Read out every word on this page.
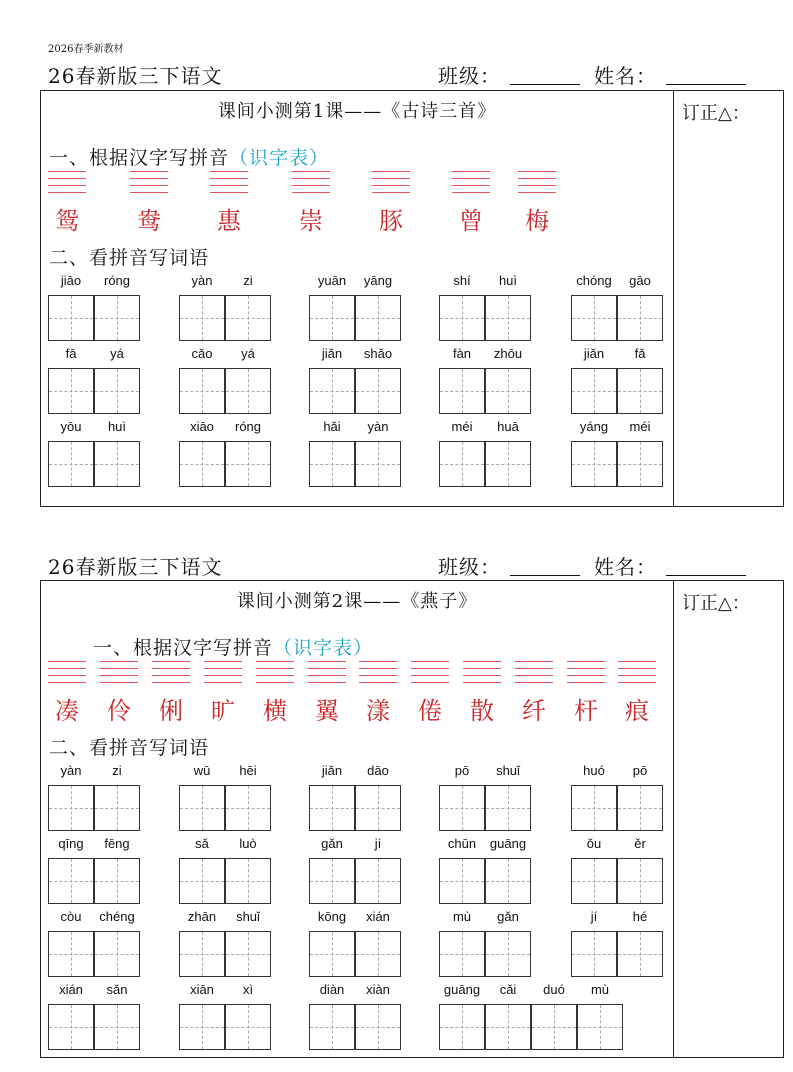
2026春季新教材
26春新版三下语文	班级：	姓名：
订正△：
课间小测第1课——《古诗三首》
一、根据汉字写拼音（识字表）
鸳	鸯	惠	崇	豚	曾	梅
二、看拼音写词语
jiāo	róng	yàn	zi	yuān	yāng	shí	huì	chóng	gāo
fā	yá	cǎo	yá	jiǎn	shǎo	fàn	zhōu	jiǎn	fǎ
yōu	huì	xiāo	róng	hǎi	yàn	méi	huā	yáng	méi
26春新版三下语文	班级：	姓名：
订正△：
课间小测第2课——《燕子》
一、根据汉字写拼音（识字表）
凑	伶	俐	旷	横	翼	漾	倦	散	纤	杆	痕
二、看拼音写词语
yàn	zi	wū	hēi	jiǎn	dāo	pō	shuǐ	huó	pō
qīng	fēng	sǎ	luò	gǎn	jí	chūn	guāng	ǒu	ěr
còu	chéng	zhān	shuǐ	kōng	xián	mù	gǎn	jí	hé
xián	sǎn	xiān	xì	diàn	xiàn	guāng	cǎi	duó	mù
